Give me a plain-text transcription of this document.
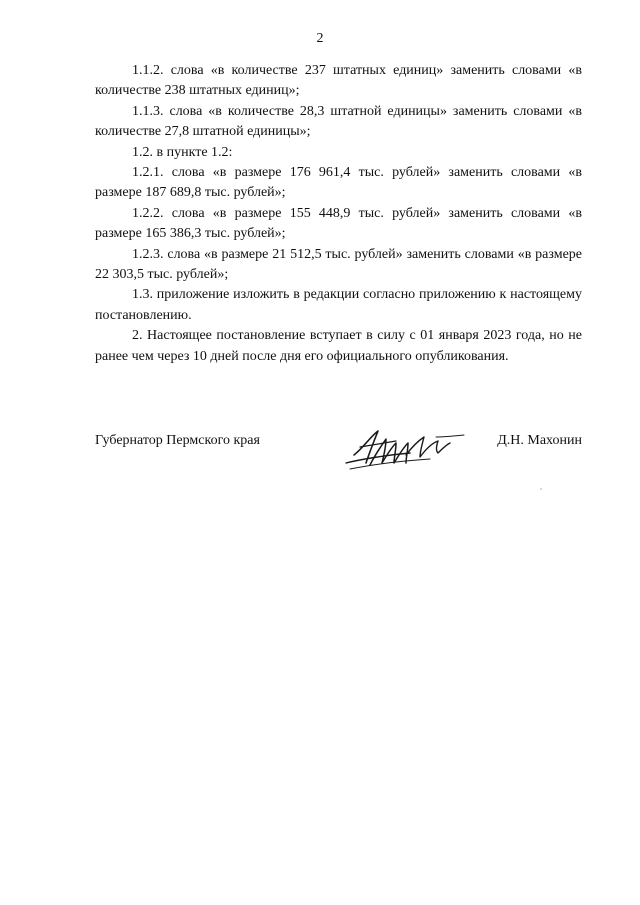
2

1.1.2. слова «в количестве 237 штатных единиц» заменить словами «в количестве 238 штатных единиц»;

1.1.3. слова «в количестве 28,3 штатной единицы» заменить словами «в количестве 27,8 штатной единицы»;

1.2. в пункте 1.2:

1.2.1. слова «в размере 176 961,4 тыс. рублей» заменить словами «в размере 187 689,8 тыс. рублей»;

1.2.2. слова «в размере 155 448,9 тыс. рублей» заменить словами «в размере 165 386,3 тыс. рублей»;

1.2.3. слова «в размере 21 512,5 тыс. рублей» заменить словами «в размере 22 303,5 тыс. рублей»;

1.3. приложение изложить в редакции согласно приложению к настоящему постановлению.

2. Настоящее постановление вступает в силу с 01 января 2023 года, но не ранее чем через 10 дней после дня его официального опубликования.

Губернатор Пермского края	Д.Н. Махонин
